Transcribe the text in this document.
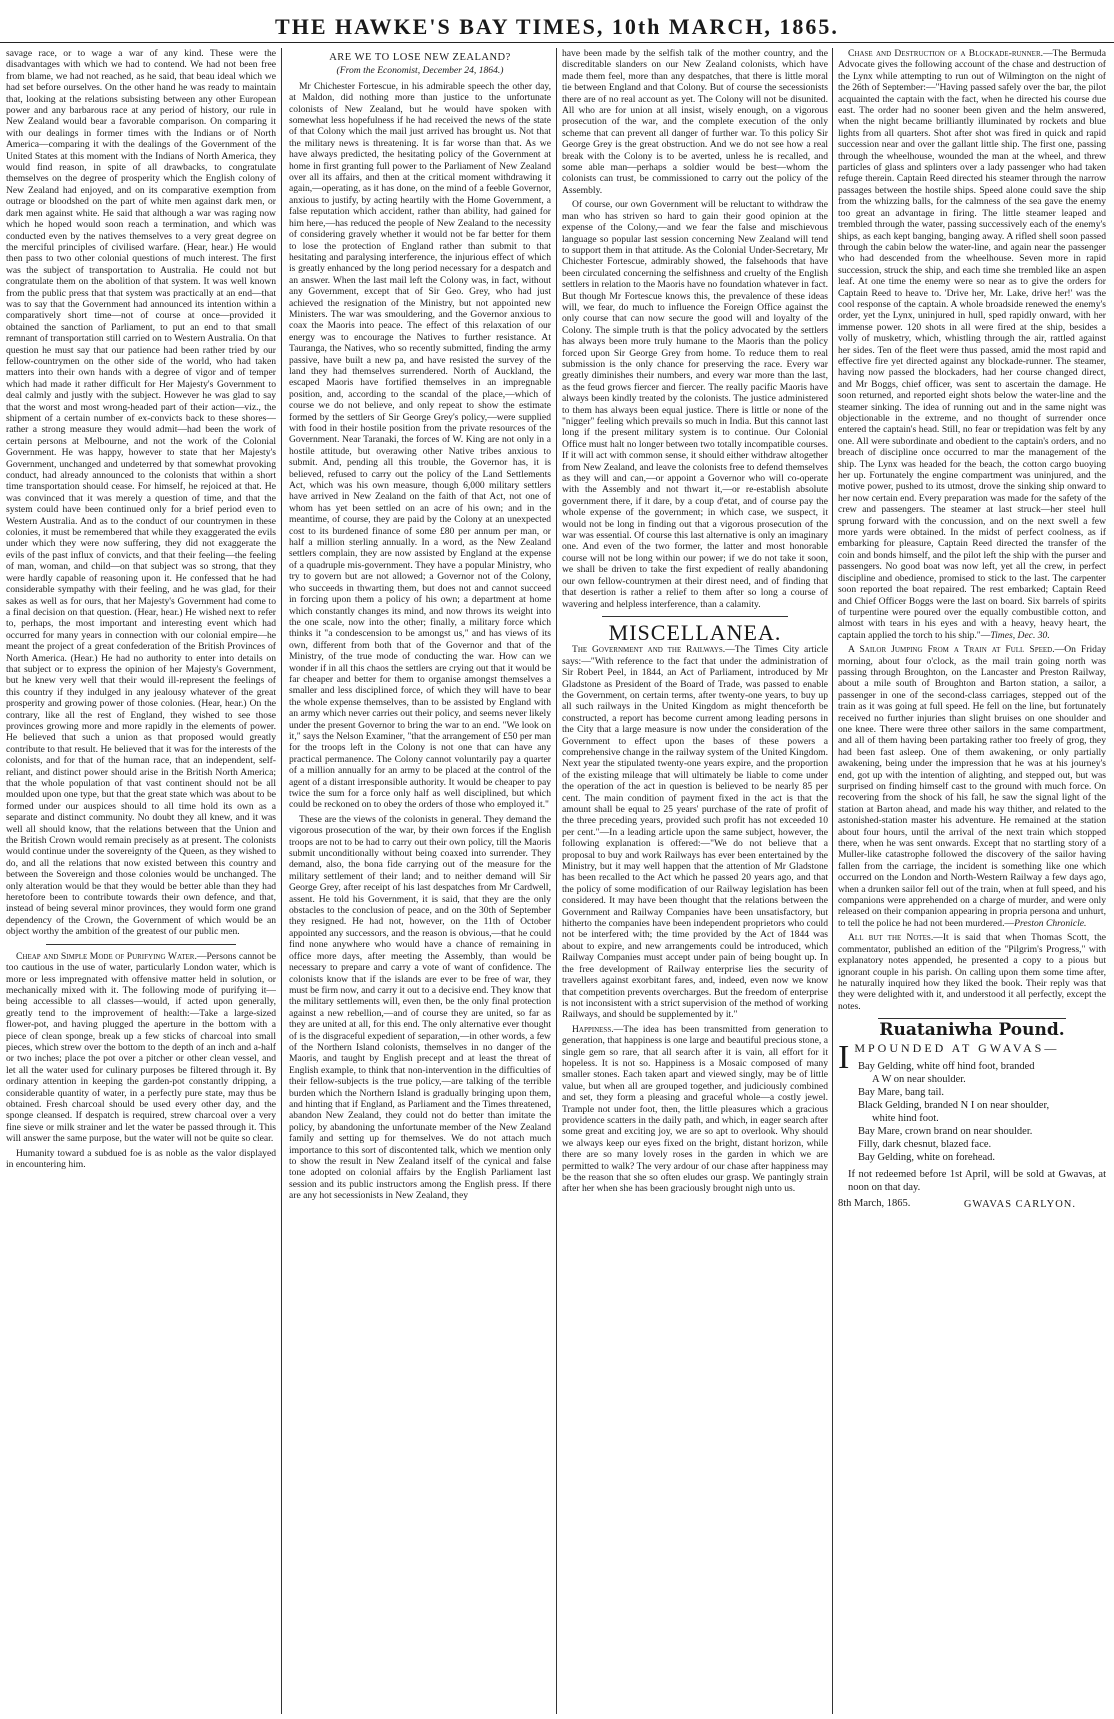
THE HAWKE'S BAY TIMES, 10th MARCH, 1865.

savage race, or to wage a war of any kind. These were the disadvantages with which we had to contend. We had not been free from blame, we had not reached, as he said, that beau ideal which we had set before ourselves. On the other hand he was ready to maintain that, looking at the relations subsisting between any other European power and any barbarous race at any period of history, our rule in New Zealand would bear a favorable comparison. On comparing it with our dealings in former times with the Indians or of North America—comparing it with the dealings of the Government of the United States at this moment with the Indians of North America, they would find reason, in spite of all drawbacks, to congratulate themselves on the degree of prosperity which the English colony of New Zealand had enjoyed, and on its comparative exemption from outrage or bloodshed on the part of white men against dark men, or dark men against white. He said that although a war was raging now which he hoped would soon reach a termination, and which was conducted even by the natives themselves to a very great degree on the merciful principles of civilised warfare. (Hear, hear.) He would then pass to two other colonial questions of much interest. The first was the subject of transportation to Australia. He could not but congratulate them on the abolition of that system. It was well known from the public press that that system was practically at an end—that was to say that the Government had announced its intention within a comparatively short time—not of course at once—provided it obtained the sanction of Parliament, to put an end to that small remnant of transportation still carried on to Western Australia. On that question he must say that our patience had been rather tried by our fellow-countrymen on the other side of the world, who had taken matters into their own hands with a degree of vigor and of temper which had made it rather difficult for Her Majesty's Government to deal calmly and justly with the subject. However he was glad to say that the worst and most wrong-headed part of their action—viz., the shipment of a certain number of ex-convicts back to these shores—rather a strong measure they would admit—had been the work of certain persons at Melbourne, and not the work of the Colonial Government. He was happy, however to state that her Majesty's Government, unchanged and undeterred by that somewhat provoking conduct, had already announced to the colonists that within a short time transportation should cease. For himself, he rejoiced at that. He was convinced that it was merely a question of time, and that the system could have been continued only for a brief period even to Western Australia. And as to the conduct of our countrymen in these colonies, it must be remembered that while they exaggerated the evils under which they were now suffering, they did not exaggerate the evils of the past influx of convicts, and that their feeling—the feeling of man, woman, and child—on that subject was so strong, that they were hardly capable of reasoning upon it. He confessed that he had considerable sympathy with their feeling, and he was glad, for their sakes as well as for ours, that her Majesty's Government had come to a final decision on that question. (Hear, hear.) He wished next to refer to, perhaps, the most important and interesting event which had occurred for many years in connection with our colonial empire—he meant the project of a great confederation of the British Provinces of North America. (Hear.) He had no authority to enter into details on that subject or to express the opinion of her Majesty's Government, but he knew very well that their would ill-represent the feelings of this country if they indulged in any jealousy whatever of the great prosperity and growing power of those colonies. (Hear, hear.) On the contrary, like all the rest of England, they wished to see those provinces growing more and more rapidly in the elements of power. He believed that such a union as that proposed would greatly contribute to that result. He believed that it was for the interests of the colonists, and for that of the human race, that an independent, self-reliant, and distinct power should arise in the British North America; that the whole population of that vast continent should not be all moulded upon one type, but that the great state which was about to be formed under our auspices should to all time hold its own as a separate and distinct community. No doubt they all knew, and it was well all should know, that the relations between that the Union and the British Crown would remain precisely as at present. The colonists would continue under the sovereignty of the Queen, as they wished to do, and all the relations that now existed between this country and between the Sovereign and those colonies would be unchanged. The only alteration would be that they would be better able than they had heretofore been to contribute towards their own defence, and that, instead of being several minor provinces, they would form one grand dependency of the Crown, the Government of which would be an object worthy the ambition of the greatest of our public men.

Cheap and Simple Mode of Purifying Water.—Persons cannot be too cautious in the use of water, particularly London water, which is more or less impregnated with offensive matter held in solution, or mechanically mixed with it. The following mode of purifying it—being accessible to all classes—would, if acted upon generally, greatly tend to the improvement of health:—Take a large-sized flower-pot, and having plugged the aperture in the bottom with a piece of clean sponge, break up a few sticks of charcoal into small pieces, which strew over the bottom to the depth of an inch and a-half or two inches; place the pot over a pitcher or other clean vessel, and let all the water used for culinary purposes be filtered through it. By ordinary attention in keeping the garden-pot constantly dripping, a considerable quantity of water, in a perfectly pure state, may thus be obtained. Fresh charcoal should be used every other day, and the sponge cleansed. If despatch is required, strew charcoal over a very fine sieve or milk strainer and let the water be passed through it. This will answer the same purpose, but the water will not be quite so clear.

Humanity toward a subdued foe is as noble as the valor displayed in encountering him.

ARE WE TO LOSE NEW ZEALAND?
(From the Economist, December 24, 1864.)

Mr Chichester Fortescue, in his admirable speech the other day, at Maldon, did nothing more than justice to the unfortunate colonists of New Zealand, but he would have spoken with somewhat less hopefulness if he had received the news of the state of that Colony which the mail just arrived has brought us. Not that the military news is threatening. It is far worse than that. As we have always predicted, the hesitating policy of the Government at home in first granting full power to the Parliament of New Zealand over all its affairs, and then at the critical moment withdrawing it again,—operating, as it has done, on the mind of a feeble Governor, anxious to justify, by acting heartily with the Home Government, a false reputation which accident, rather than ability, had gained for him here,—has reduced the people of New Zealand to the necessity of considering gravely whether it would not be far better for them to lose the protection of England rather than submit to that hesitating and paralysing interference, the injurious effect of which is greatly enhanced by the long period necessary for a despatch and an answer. When the last mail left the Colony was, in fact, without any Government, except that of Sir Geo. Grey, who had just achieved the resignation of the Ministry, but not appointed new Ministers. The war was smouldering, and the Governor anxious to coax the Maoris into peace. The effect of this relaxation of our energy was to encourage the Natives to further resistance. At Tauranga, the Natives, who so recently submitted, finding the army passive, have built a new pa, and have resisted the survey of the land they had themselves surrendered. North of Auckland, the escaped Maoris have fortified themselves in an impregnable position, and, according to the scandal of the place,—which of course we do not believe, and only repeat to show the estimate formed by the settlers of Sir George Grey's policy,—were supplied with food in their hostile position from the private resources of the Government. Near Taranaki, the forces of W. King are not only in a hostile attitude, but overawing other Native tribes anxious to submit. And, pending all this trouble, the Governor has, it is believed, refused to carry out the policy of the Land Settlements Act, which was his own measure, though 6,000 military settlers have arrived in New Zealand on the faith of that Act, not one of whom has yet been settled on an acre of his own; and in the meantime, of course, they are paid by the Colony at an unexpected cost to its burdened finance of some £80 per annum per man, or half a million sterling annually. In a word, as the New Zealand settlers complain, they are now assisted by England at the expense of a quadruple mis-government. They have a popular Ministry, who try to govern but are not allowed; a Governor not of the Colony, who succeeds in thwarting them, but does not and cannot succeed in forcing upon them a policy of his own; a department at home which constantly changes its mind, and now throws its weight into the one scale, now into the other; finally, a military force which thinks it "a condescension to be amongst us," and has views of its own, different from both that of the Governor and that of the Ministry, of the true mode of conducting the war. How can we wonder if in all this chaos the settlers are crying out that it would be far cheaper and better for them to organise amongst themselves a smaller and less disciplined force, of which they will have to bear the whole expense themselves, than to be assisted by England with an army which never carries out their policy, and seems never likely under the present Governor to bring the war to an end. "We look on it," says the Nelson Examiner, "that the arrangement of £50 per man for the troops left in the Colony is not one that can have any practical permanence. The Colony cannot voluntarily pay a quarter of a million annually for an army to be placed at the control of the agent of a distant irresponsible authority. It would be cheaper to pay twice the sum for a force only half as well disciplined, but which could be reckoned on to obey the orders of those who employed it."

These are the views of the colonists in general. They demand the vigorous prosecution of the war, by their own forces if the English troops are not to be had to carry out their own policy, till the Maoris submit unconditionally without being coaxed into surrender. They demand, also, the bona fide carrying out of the measure for the military settlement of their land; and to neither demand will Sir George Grey, after receipt of his last despatches from Mr Cardwell, assent. He told his Government, it is said, that they are the only obstacles to the conclusion of peace, and on the 30th of September they resigned. He had not, however, on the 11th of October appointed any successors, and the reason is obvious,—that he could find none anywhere who would have a chance of remaining in office more days, after meeting the Assembly, than would be necessary to prepare and carry a vote of want of confidence. The colonists know that if the islands are ever to be free of war, they must be firm now, and carry it out to a decisive end. They know that the military settlements will, even then, be the only final protection against a new rebellion,—and of course they are united, so far as they are united at all, for this end. The only alternative ever thought of is the disgraceful expedient of separation,—in other words, a few of the Northern Island colonists, themselves in no danger of the Maoris, and taught by English precept and at least the threat of English example, to think that non-intervention in the difficulties of their fellow-subjects is the true policy,—are talking of the terrible burden which the Northern Island is gradually bringing upon them, and hinting that if England, as Parliament and the Times threatened, abandon New Zealand, they could not do better than imitate the policy, by abandoning the unfortunate member of the New Zealand family and setting up for themselves. We do not attach much importance to this sort of discontented talk, which we mention only to show the result in New Zealand itself of the cynical and false tone adopted on colonial affairs by the English Parliament last session and its public instructors among the English press. If there are any hot secessionists in New Zealand, they

have been made by the selfish talk of the mother country, and the discreditable slanders on our New Zealand colonists, which have made them feel, more than any despatches, that there is little moral tie between England and that Colony. But of course the secessionists there are of no real account as yet. The Colony will not be disunited. All who are for union at all insist, wisely enough, on a vigorous prosecution of the war, and the complete execution of the only scheme that can prevent all danger of further war. To this policy Sir George Grey is the great obstruction. And we do not see how a real break with the Colony is to be averted, unless he is recalled, and some able man—perhaps a soldier would be best—whom the colonists can trust, be commissioned to carry out the policy of the Assembly.

Of course, our own Government will be reluctant to withdraw the man who has striven so hard to gain their good opinion at the expense of the Colony,—and we fear the false and mischievous language so popular last session concerning New Zealand will tend to support them in that attitude. As the Colonial Under-Secretary, Mr Chichester Fortescue, admirably showed, the falsehoods that have been circulated concerning the selfishness and cruelty of the English settlers in relation to the Maoris have no foundation whatever in fact. But though Mr Fortescue knows this, the prevalence of these ideas will, we fear, do much to influence the Foreign Office against the only course that can now secure the good will and loyalty of the Colony. The simple truth is that the policy advocated by the settlers has always been more truly humane to the Maoris than the policy forced upon Sir George Grey from home. To reduce them to real submission is the only chance for preserving the race. Every war greatly diminishes their numbers, and every war more than the last, as the feud grows fiercer and fiercer. The really pacific Maoris have always been kindly treated by the colonists. The justice administered to them has always been equal justice. There is little or none of the "nigger" feeling which prevails so much in India. But this cannot last long if the present military system is to continue. Our Colonial Office must halt no longer between two totally incompatible courses. If it will act with common sense, it should either withdraw altogether from New Zealand, and leave the colonists free to defend themselves as they will and can,—or appoint a Governor who will co-operate with the Assembly and not thwart it,—or re-establish absolute government there, if it dare, by a coup d'etat, and of course pay the whole expense of the government; in which case, we suspect, it would not be long in finding out that a vigorous prosecution of the war was essential. Of course this last alternative is only an imaginary one. And even of the two former, the latter and most honorable course will not be long within our power; if we do not take it soon, we shall be driven to take the first expedient of really abandoning our own fellow-countrymen at their direst need, and of finding that that desertion is rather a relief to them after so long a course of wavering and helpless interference, than a calamity.

MISCELLANEA.

The Government and the Railways.—The Times City article says:—"With reference to the fact that under the administration of Sir Robert Peel, in 1844, an Act of Parliament, introduced by Mr Gladstone as President of the Board of Trade, was passed to enable the Government, on certain terms, after twenty-one years, to buy up all such railways in the United Kingdom as might thenceforth be constructed, a report has become current among leading persons in the City that a large measure is now under the consideration of the Government to effect upon the bases of these powers a comprehensive change in the railway system of the United Kingdom. Next year the stipulated twenty-one years expire, and the proportion of the existing mileage that will ultimately be liable to come under the operation of the act in question is believed to be nearly 85 per cent. The main condition of payment fixed in the act is that the amount shall be equal to 25 years' purchase of the rate of profit of the three preceding years, provided such profit has not exceeded 10 per cent."—In a leading article upon the same subject, however, the following explanation is offered:—"We do not believe that a proposal to buy and work Railways has ever been entertained by the Ministry, but it may well happen that the attention of Mr Gladstone has been recalled to the Act which he passed 20 years ago, and that the policy of some modification of our Railway legislation has been considered. It may have been thought that the relations between the Government and Railway Companies have been unsatisfactory, but hitherto the companies have been independent proprietors who could not be interfered with; the time provided by the Act of 1844 was about to expire, and new arrangements could be introduced, which Railway Companies must accept under pain of being bought up. In the free development of Railway enterprise lies the security of travellers against exorbitant fares, and, indeed, even now we know that competition prevents overcharges. But the freedom of enterprise is not inconsistent with a strict supervision of the method of working Railways, and should be supplemented by it."

Happiness.—The idea has been transmitted from generation to generation, that happiness is one large and beautiful precious stone, a single gem so rare, that all search after it is vain, all effort for it hopeless. It is not so. Happiness is a Mosaic composed of many smaller stones. Each taken apart and viewed singly, may be of little value, but when all are grouped together, and judiciously combined and set, they form a pleasing and graceful whole—a costly jewel. Trample not under foot, then, the little pleasures which a gracious providence scatters in the daily path, and which, in eager search after some great and exciting joy, we are so apt to overlook. Why should we always keep our eyes fixed on the bright, distant horizon, while there are so many lovely roses in the garden in which we are permitted to walk? The very ardour of our chase after happiness may be the reason that she so often eludes our grasp. We pantingly strain after her when she has been graciously brought nigh unto us.

Chase and Destruction of a Blockade-runner.—The Bermuda Advocate gives the following account of the chase and destruction of the Lynx while attempting to run out of Wilmington on the night of the 26th of September:—"Having passed safely over the bar, the pilot acquainted the captain with the fact, when he directed his course due east. The order had no sooner been given and the helm answered, when the night became brilliantly illuminated by rockets and blue lights from all quarters. Shot after shot was fired in quick and rapid succession near and over the gallant little ship. The first one, passing through the wheelhouse, wounded the man at the wheel, and threw particles of glass and splinters over a lady passenger who had taken refuge therein. Captain Reed directed his steamer through the narrow passages between the hostile ships. Speed alone could save the ship from the whizzing balls, for the calmness of the sea gave the enemy too great an advantage in firing. The little steamer leaped and trembled through the water, passing successively each of the enemy's ships, as each kept banging, banging away. A rifled shell soon passed through the cabin below the water-line, and again near the passenger who had descended from the wheelhouse. Seven more in rapid succession, struck the ship, and each time she trembled like an aspen leaf. At one time the enemy were so near as to give the orders for Captain Reed to heave to. 'Drive her, Mr. Lake, drive her!' was the cool response of the captain. A whole broadside renewed the enemy's order, yet the Lynx, uninjured in hull, sped rapidly onward, with her immense power. 120 shots in all were fired at the ship, besides a volly of musketry, which, whistling through the air, rattled against her sides. Ten of the fleet were thus passed, amid the most rapid and effective fire yet directed against any blockade-runner. The steamer, having now passed the blockaders, had her course changed direct, and Mr Boggs, chief officer, was sent to ascertain the damage. He soon returned, and reported eight shots below the water-line and the steamer sinking. The idea of running out and in the same night was objectionable in the extreme, and no thought of surrender once entered the captain's head. Still, no fear or trepidation was felt by any one. All were subordinate and obedient to the captain's orders, and no breach of discipline once occurred to mar the management of the ship. The Lynx was headed for the beach, the cotton cargo buoying her up. Fortunately the engine compartment was uninjured, and the motive power, pushed to its utmost, drove the sinking ship onward to her now certain end. Every preparation was made for the safety of the crew and passengers. The steamer at last struck—her steel hull sprung forward with the concussion, and on the next swell a few more yards were obtained. In the midst of perfect coolness, as if embarking for pleasure, Captain Reed directed the transfer of the coin and bonds himself, and the pilot left the ship with the purser and passengers. No good boat was now left, yet all the crew, in perfect discipline and obedience, promised to stick to the last. The carpenter soon reported the boat repaired. The rest embarked; Captain Reed and Chief Officer Boggs were the last on board. Six barrels of spirits of turpentine were poured over the equally combustible cotton, and almost with tears in his eyes and with a heavy, heavy heart, the captain applied the torch to his ship."—Times, Dec. 30.

A Sailor Jumping From a Train at Full Speed.—On Friday morning, about four o'clock, as the mail train going north was passing through Broughton, on the Lancaster and Preston Railway, about a mile south of Broughton and Barton station, a sailor, a passenger in one of the second-class carriages, stepped out of the train as it was going at full speed. He fell on the line, but fortunately received no further injuries than slight bruises on one shoulder and one knee. There were three other sailors in the same compartment, and all of them having been partaking rather too freely of grog, they had been fast asleep. One of them awakening, or only partially awakening, being under the impression that he was at his journey's end, got up with the intention of alighting, and stepped out, but was surprised on finding himself cast to the ground with much force. On recovering from the shock of his fall, he saw the signal light of the station at Barton ahead, and made his way thither, and related to the astonished-station master his adventure. He remained at the station about four hours, until the arrival of the next train which stopped there, when he was sent onwards. Except that no startling story of a Muller-like catastrophe followed the discovery of the sailor having fallen from the carriage, the incident is something like one which occurred on the London and North-Western Railway a few days ago, when a drunken sailor fell out of the train, when at full speed, and his companions were apprehended on a charge of murder, and were only released on their companion appearing in propria persona and unhurt, to tell the police he had not been murdered.—Preston Chronicle.

All but the Notes.—It is said that when Thomas Scott, the commentator, published an edition of the "Pilgrim's Progress," with explanatory notes appended, he presented a copy to a pious but ignorant couple in his parish. On calling upon them some time after, he naturally inquired how they liked the book. Their reply was that they were delighted with it, and understood it all perfectly, except the notes.

Ruataniwha Pound.
IMPOUNDED AT GWAVAS—
Bay Gelding, white off hind foot, branded
A W on near shoulder.
Bay Mare, bang tail.
Black Gelding, branded N I on near shoulder,
white hind foot.
Bay Mare, crown brand on near shoulder.
Filly, dark chesnut, blazed face.
Bay Gelding, white on forehead.

If not redeemed before 1st April, will be sold at Gwavas, at noon on that day.

8th March, 1865.	GWAVAS CARLYON.
